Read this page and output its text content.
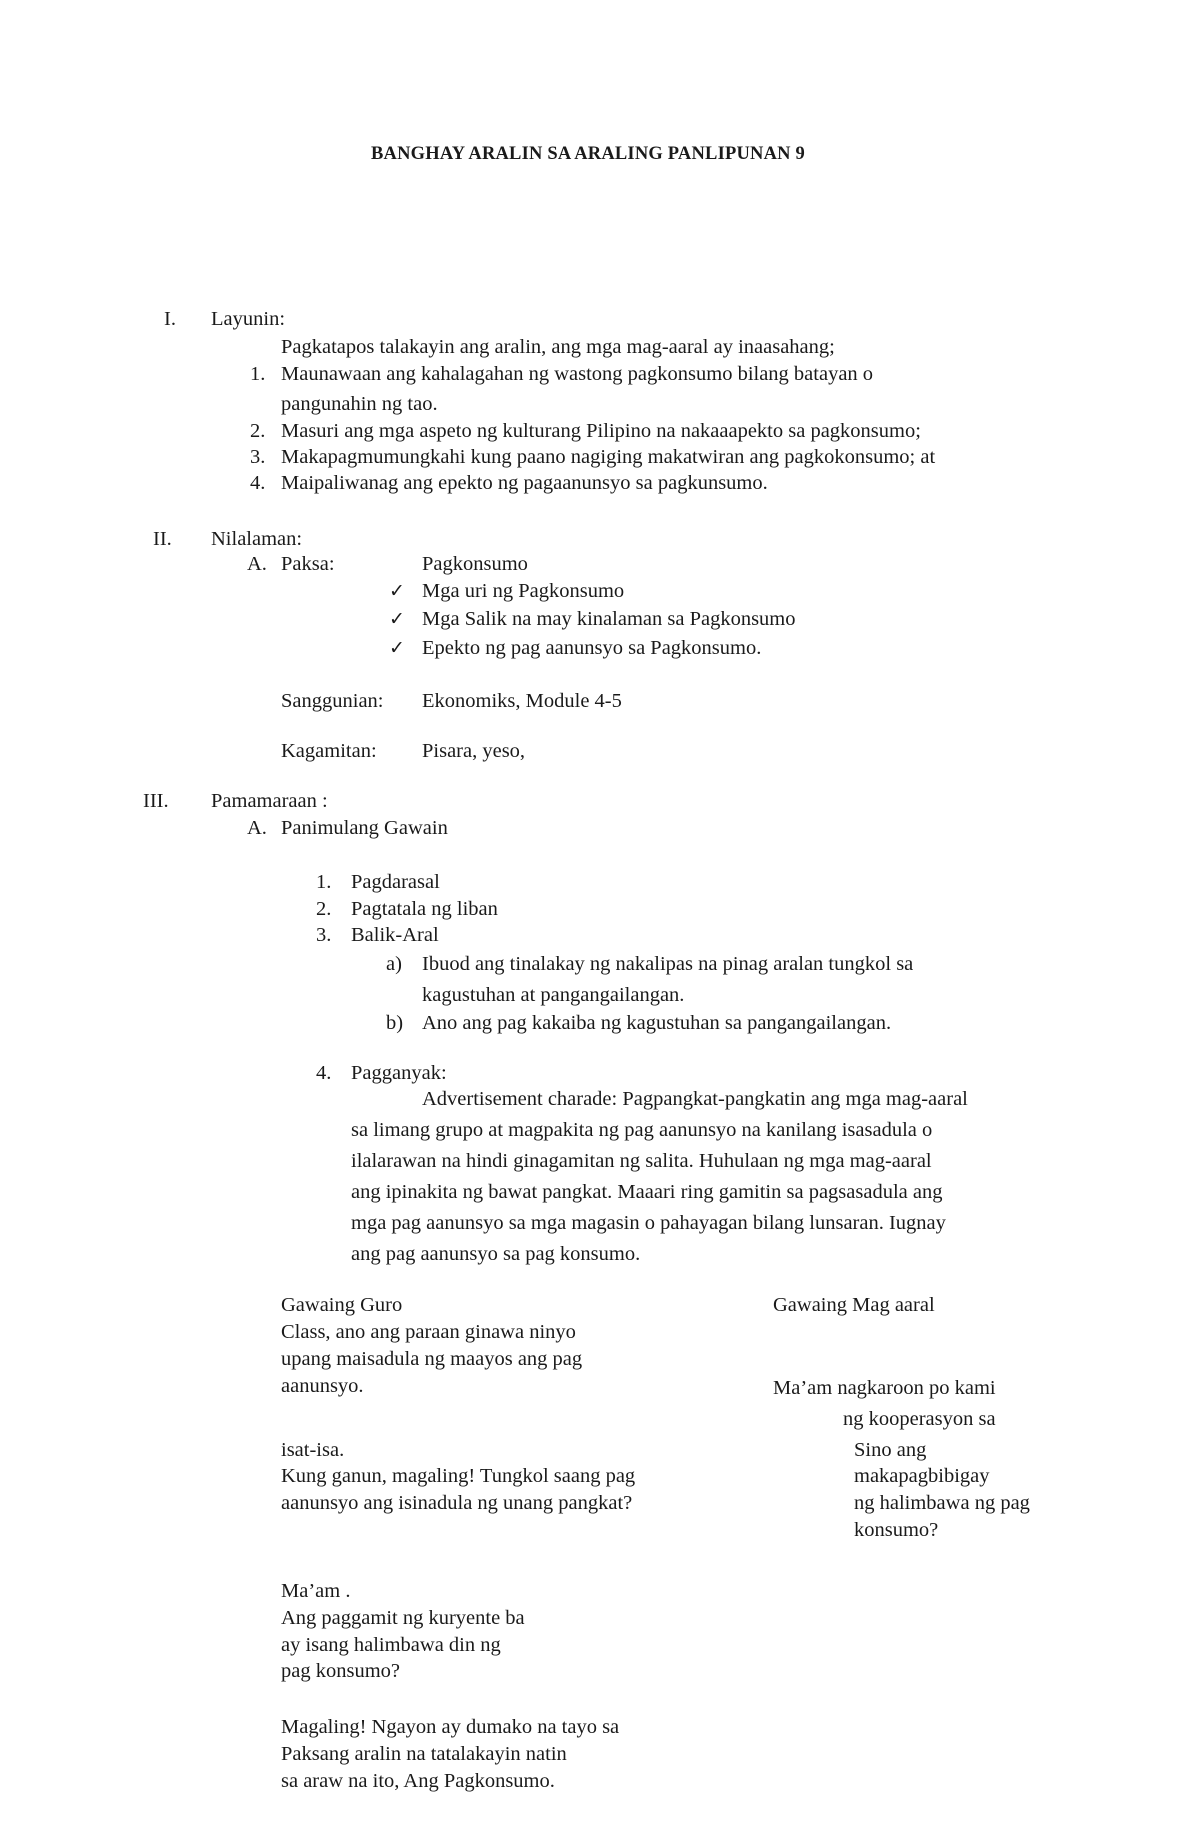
BANGHAY ARALIN SA ARALING PANLIPUNAN 9
I. Layunin:
Pagkatapos talakayin ang aralin, ang mga mag-aaral ay inaasahang;
1. Maunawaan ang kahalagahan ng wastong pagkonsumo bilang batayan o
pangunahin ng tao.
2. Masuri ang mga aspeto ng kulturang Pilipino na nakaaapekto sa pagkonsumo;
3. Makapagmumungkahi kung paano nagiging makatwiran ang pagkokonsumo; at
4. Maipaliwanag ang epekto ng pagaanunsyo sa pagkunsumo.
II. Nilalaman:
A. Paksa:	Pagkonsumo
✓ Mga uri ng Pagkonsumo
✓ Mga Salik na may kinalaman sa Pagkonsumo
✓ Epekto ng pag aanunsyo sa Pagkonsumo.
Sanggunian: Ekonomiks, Module 4-5
Kagamitan: Pisara, yeso,
III. Pamamaraan :
A. Panimulang Gawain
1. Pagdarasal
2. Pagtatala ng liban
3. Balik-Aral
a) Ibuod ang tinalakay ng nakalipas na pinag aralan tungkol sa
kagustuhan at pangangailangan.
b) Ano ang pag kakaiba ng kagustuhan sa pangangailangan.
4. Pagganyak:
Advertisement charade: Pagpangkat-pangkatin ang mga mag-aaral
sa limang grupo at magpakita ng pag aanunsyo na kanilang isasadula o
ilalarawan na hindi ginagamitan ng salita. Huhulaan ng mga mag-aaral
ang ipinakita ng bawat pangkat. Maaari ring gamitin sa pagsasadula ang
mga pag aanunsyo sa mga magasin o pahayagan bilang lunsaran. Iugnay
ang pag aanunsyo sa pag konsumo.
Gawaing Guro
Class, ano ang paraan ginawa ninyo
upang maisadula ng maayos ang pag
aanunsyo.
isat-isa.
Kung ganun, magaling! Tungkol saang pag
aanunsyo ang isinadula ng unang pangkat?
Ma’am .
Ang paggamit ng kuryente ba
ay isang halimbawa din ng
pag konsumo?
Magaling! Ngayon ay dumako na tayo sa
Paksang aralin na tatalakayin natin
sa araw na ito, Ang Pagkonsumo.
Gawaing Mag aaral
Ma’am nagkaroon po kami
ng kooperasyon sa
Sino ang
makapagbibigay
ng halimbawa ng pag
konsumo?
